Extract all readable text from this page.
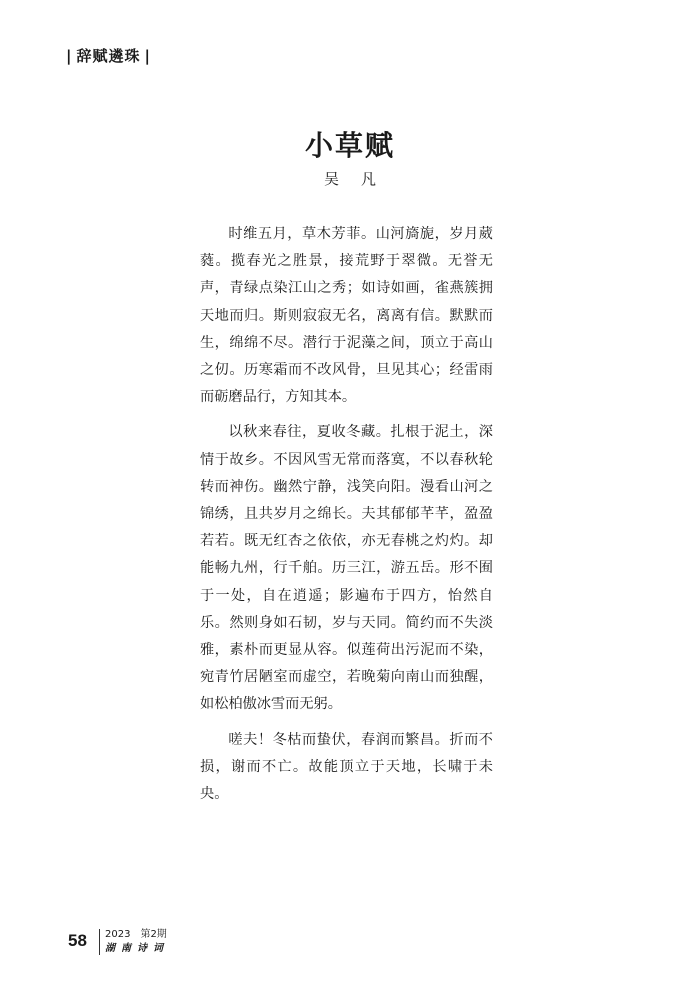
| 辞赋遴珠 |
小草赋
吴凡

时维五月，草木芳菲。山河旖旎，岁月葳蕤。揽春光之胜景，接荒野于翠微。无誉无声，青绿点染江山之秀；如诗如画，雀燕簇拥天地而归。斯则寂寂无名，离离有信。默默而生，绵绵不尽。潜行于泥藻之间，顶立于高山之仞。历寒霜而不改风骨，旦见其心；经雷雨而砺磨品行，方知其本。

以秋来春往，夏收冬藏。扎根于泥土，深情于故乡。不因风雪无常而落寞，不以春秋轮转而神伤。幽然宁静，浅笑向阳。漫看山河之锦绣，且共岁月之绵长。夫其郁郁芊芊，盈盈若若。既无红杏之依依，亦无春桃之灼灼。却能畅九州，行千舶。历三江，游五岳。形不囿于一处，自在逍遥；影遍布于四方，怡然自乐。然则身如石韧，岁与天同。简约而不失淡雅，素朴而更显从容。似莲荷出污泥而不染，宛青竹居陋室而虚空，若晚菊向南山而独醒，如松柏傲冰雪而无躬。

嗟夫！冬枯而蛰伏，春润而繁昌。折而不损，谢而不亡。故能顶立于天地，长啸于未央。

58 2023　第2期
湖南诗词
